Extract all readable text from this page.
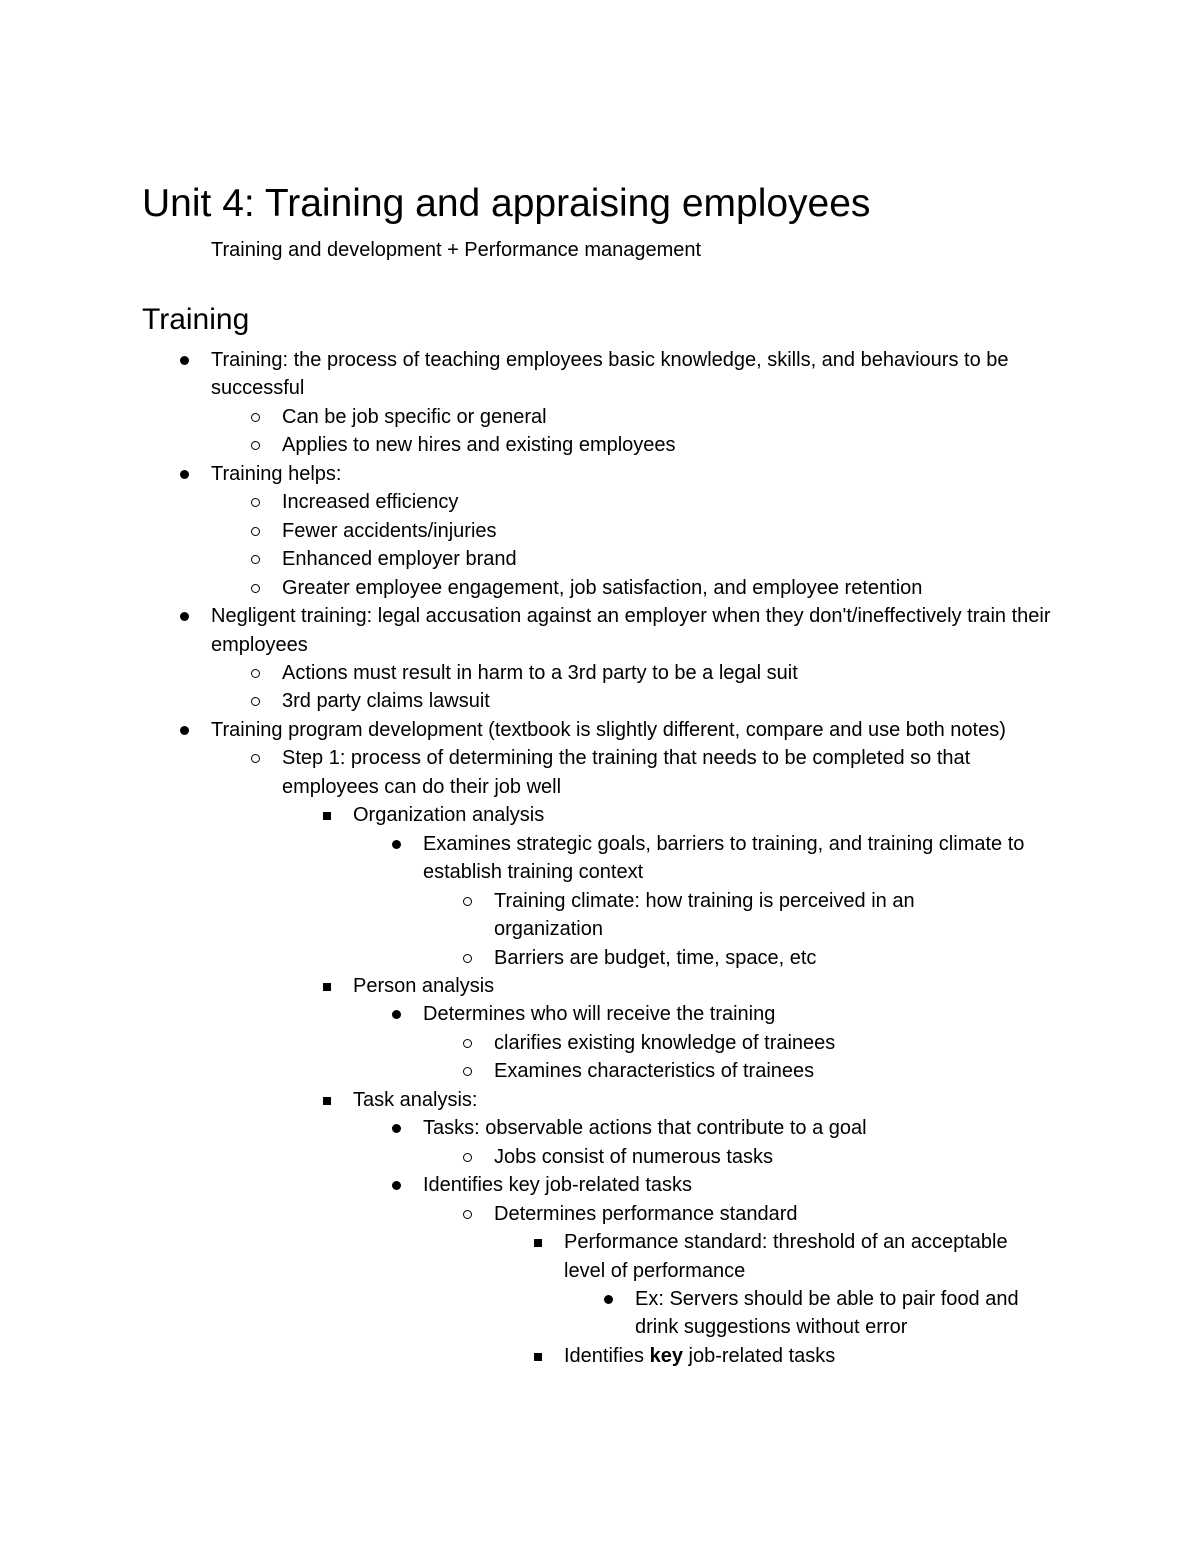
Unit 4: Training and appraising employees
Training and development + Performance management
Training
Training: the process of teaching employees basic knowledge, skills, and behaviours to be successful
Can be job specific or general
Applies to new hires and existing employees
Training helps:
Increased efficiency
Fewer accidents/injuries
Enhanced employer brand
Greater employee engagement, job satisfaction, and employee retention
Negligent training: legal accusation against an employer when they don't/ineffectively train their employees
Actions must result in harm to a 3rd party to be a legal suit
3rd party claims lawsuit
Training program development (textbook is slightly different, compare and use both notes)
Step 1: process of determining the training that needs to be completed so that employees can do their job well
Organization analysis
Examines strategic goals, barriers to training, and training climate to establish training context
Training climate: how training is perceived in an organization
Barriers are budget, time, space, etc
Person analysis
Determines who will receive the training
clarifies existing knowledge of trainees
Examines characteristics of trainees
Task analysis:
Tasks: observable actions that contribute to a goal
Jobs consist of numerous tasks
Identifies key job-related tasks
Determines performance standard
Performance standard: threshold of an acceptable level of performance
Ex: Servers should be able to pair food and drink suggestions without error
Identifies key job-related tasks
